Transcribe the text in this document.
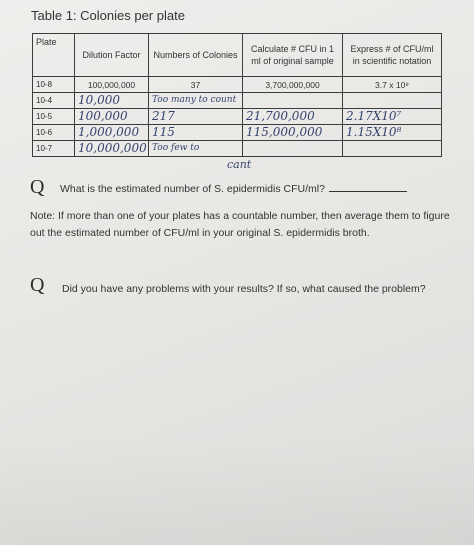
Table 1: Colonies per plate
Plate	Dilution Factor	Numbers of Colonies	Calculate # CFU in 1 ml of original sample	Express # of CFU/ml in scientific notation
10-8	100,000,000	37	3,700,000,000	3.7 x 10⁹
10-4	10,000	Too many to count		
10-5	100,000	217	21,700,000	2.17X10⁷
10-6	1,000,000	115	115,000,000	1.15X10⁸
10-7	10,000,000	Too few to		
cant
Q What is the estimated number of S. epidermidis CFU/ml?
Note: If more than one of your plates has a countable number, then average them to figure out the estimated number of CFU/ml in your original S. epidermidis broth.
Q	Did you have any problems with your results? If so, what caused the problem?
